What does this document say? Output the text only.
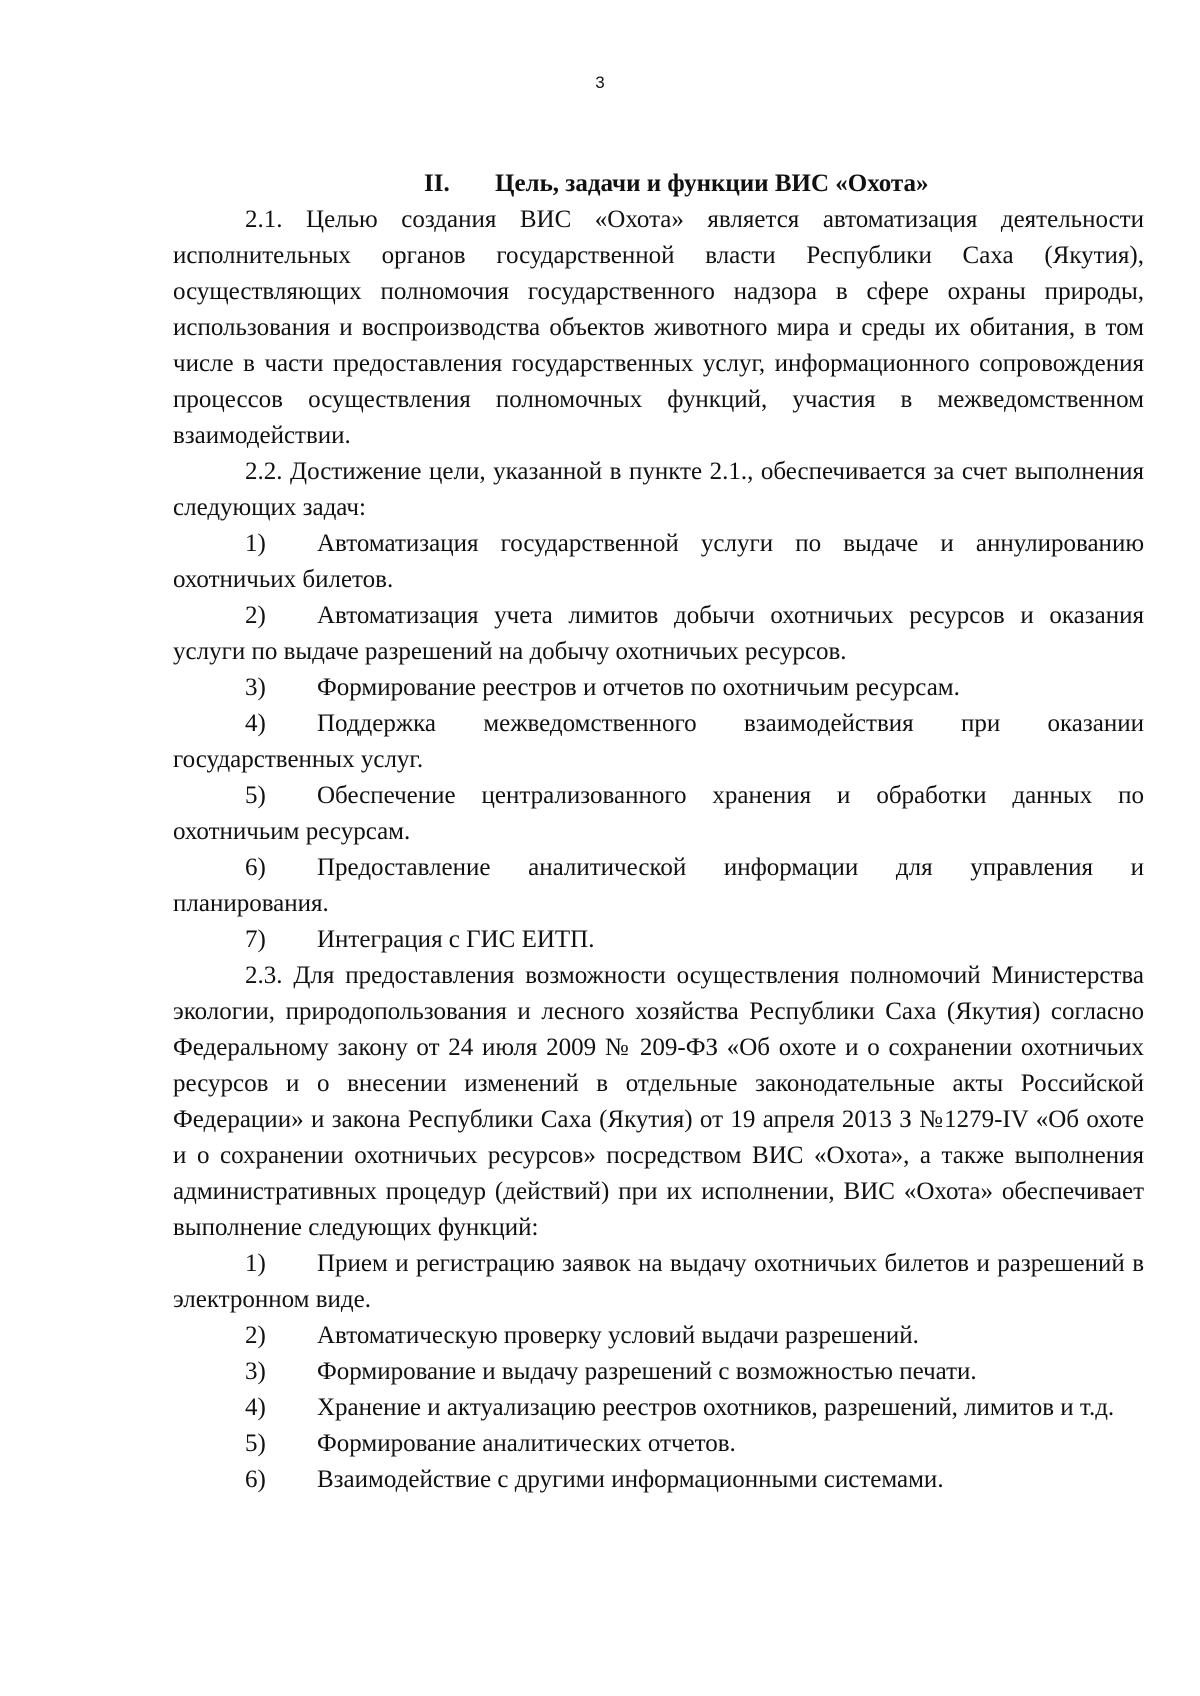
3
II. Цель, задачи и функции ВИС «Охота»

2.1. Целью создания ВИС «Охота» является автоматизация деятельности исполнительных органов государственной власти Республики Саха (Якутия), осуществляющих полномочия государственного надзора в сфере охраны природы, использования и воспроизводства объектов животного мира и среды их обитания, в том числе в части предоставления государственных услуг, информационного сопровождения процессов осуществления полномочных функций, участия в межведомственном взаимодействии.

2.2. Достижение цели, указанной в пункте 2.1., обеспечивается за счет выполнения следующих задач:

1) Автоматизация государственной услуги по выдаче и аннулированию охотничьих билетов.
2) Автоматизация учета лимитов добычи охотничьих ресурсов и оказания услуги по выдаче разрешений на добычу охотничьих ресурсов.
3) Формирование реестров и отчетов по охотничьим ресурсам.
4) Поддержка межведомственного взаимодействия при оказании государственных услуг.
5) Обеспечение централизованного хранения и обработки данных по охотничьим ресурсам.
6) Предоставление аналитической информации для управления и планирования.
7) Интеграция с ГИС ЕИТП.

2.3. Для предоставления возможности осуществления полномочий Министерства экологии, природопользования и лесного хозяйства Республики Саха (Якутия) согласно Федеральному закону от 24 июля 2009 № 209-ФЗ «Об охоте и о сохранении охотничьих ресурсов и о внесении изменений в отдельные законодательные акты Российской Федерации» и закона Республики Саха (Якутия) от 19 апреля 2013 З №1279-IV «Об охоте и о сохранении охотничьих ресурсов» посредством ВИС «Охота», а также выполнения административных процедур (действий) при их исполнении, ВИС «Охота» обеспечивает выполнение следующих функций:

1) Прием и регистрацию заявок на выдачу охотничьих билетов и разрешений в электронном виде.
2) Автоматическую проверку условий выдачи разрешений.
3) Формирование и выдачу разрешений с возможностью печати.
4) Хранение и актуализацию реестров охотников, разрешений, лимитов и т.д.
5) Формирование аналитических отчетов.
6) Взаимодействие с другими информационными системами.
